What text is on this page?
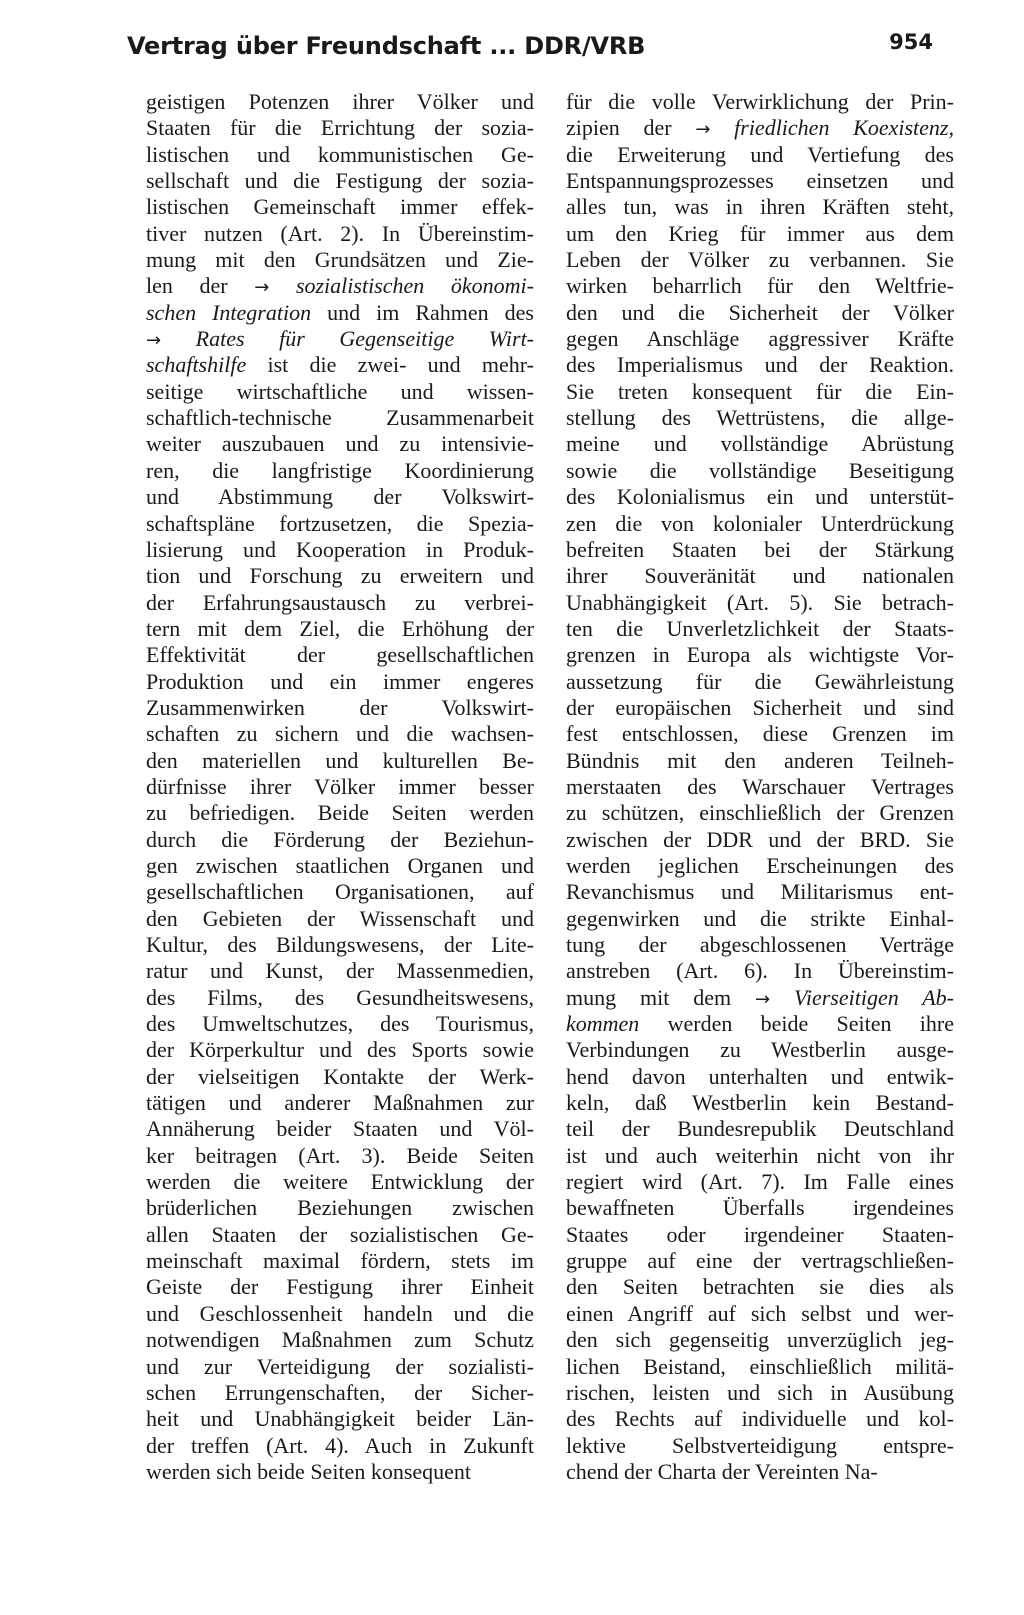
Vertrag über Freundschaft ... DDR/VRB	954
geistigen Potenzen ihrer Völker und
Staaten für die Errichtung der sozia-
listischen und kommunistischen Ge-
sellschaft und die Festigung der sozia-
listischen Gemeinschaft immer effek-
tiver nutzen (Art. 2). In Übereinstim-
mung mit den Grundsätzen und Zie-
len der → sozialistischen ökonomi-
schen Integration und im Rahmen des
→ Rates für Gegenseitige Wirt-
schaftshilfe ist die zwei- und mehr-
seitige wirtschaftliche und wissen-
schaftlich-technische Zusammenarbeit
weiter auszubauen und zu intensivie-
ren, die langfristige Koordinierung
und Abstimmung der Volkswirt-
schaftspläne fortzusetzen, die Spezia-
lisierung und Kooperation in Produk-
tion und Forschung zu erweitern und
der Erfahrungsaustausch zu verbrei-
tern mit dem Ziel, die Erhöhung der
Effektivität der gesellschaftlichen
Produktion und ein immer engeres
Zusammenwirken der Volkswirt-
schaften zu sichern und die wachsen-
den materiellen und kulturellen Be-
dürfnisse ihrer Völker immer besser
zu befriedigen. Beide Seiten werden
durch die Förderung der Beziehun-
gen zwischen staatlichen Organen und
gesellschaftlichen Organisationen, auf
den Gebieten der Wissenschaft und
Kultur, des Bildungswesens, der Lite-
ratur und Kunst, der Massenmedien,
des Films, des Gesundheitswesens,
des Umweltschutzes, des Tourismus,
der Körperkultur und des Sports sowie
der vielseitigen Kontakte der Werk-
tätigen und anderer Maßnahmen zur
Annäherung beider Staaten und Völ-
ker beitragen (Art. 3). Beide Seiten
werden die weitere Entwicklung der
brüderlichen Beziehungen zwischen
allen Staaten der sozialistischen Ge-
meinschaft maximal fördern, stets im
Geiste der Festigung ihrer Einheit
und Geschlossenheit handeln und die
notwendigen Maßnahmen zum Schutz
und zur Verteidigung der sozialisti-
schen Errungenschaften, der Sicher-
heit und Unabhängigkeit beider Län-
der treffen (Art. 4). Auch in Zukunft
werden sich beide Seiten konsequent
für die volle Verwirklichung der Prin-
zipien der → friedlichen Koexistenz,
die Erweiterung und Vertiefung des
Entspannungsprozesses einsetzen und
alles tun, was in ihren Kräften steht,
um den Krieg für immer aus dem
Leben der Völker zu verbannen. Sie
wirken beharrlich für den Weltfrie-
den und die Sicherheit der Völker
gegen Anschläge aggressiver Kräfte
des Imperialismus und der Reaktion.
Sie treten konsequent für die Ein-
stellung des Wettrüstens, die allge-
meine und vollständige Abrüstung
sowie die vollständige Beseitigung
des Kolonialismus ein und unterstüt-
zen die von kolonialer Unterdrückung
befreiten Staaten bei der Stärkung
ihrer Souveränität und nationalen
Unabhängigkeit (Art. 5). Sie betrach-
ten die Unverletzlichkeit der Staats-
grenzen in Europa als wichtigste Vor-
aussetzung für die Gewährleistung
der europäischen Sicherheit und sind
fest entschlossen, diese Grenzen im
Bündnis mit den anderen Teilneh-
merstaaten des Warschauer Vertrages
zu schützen, einschließlich der Grenzen
zwischen der DDR und der BRD. Sie
werden jeglichen Erscheinungen des
Revanchismus und Militarismus ent-
gegenwirken und die strikte Einhal-
tung der abgeschlossenen Verträge
anstreben (Art. 6). In Übereinstim-
mung mit dem → Vierseitigen Ab-
kommen werden beide Seiten ihre
Verbindungen zu Westberlin ausge-
hend davon unterhalten und entwik-
keln, daß Westberlin kein Bestand-
teil der Bundesrepublik Deutschland
ist und auch weiterhin nicht von ihr
regiert wird (Art. 7). Im Falle eines
bewaffneten Überfalls irgendeines
Staates oder irgendeiner Staaten-
gruppe auf eine der vertragschließen-
den Seiten betrachten sie dies als
einen Angriff auf sich selbst und wer-
den sich gegenseitig unverzüglich jeg-
lichen Beistand, einschließlich militä-
rischen, leisten und sich in Ausübung
des Rechts auf individuelle und kol-
lektive Selbstverteidigung entspre-
chend der Charta der Vereinten Na-
